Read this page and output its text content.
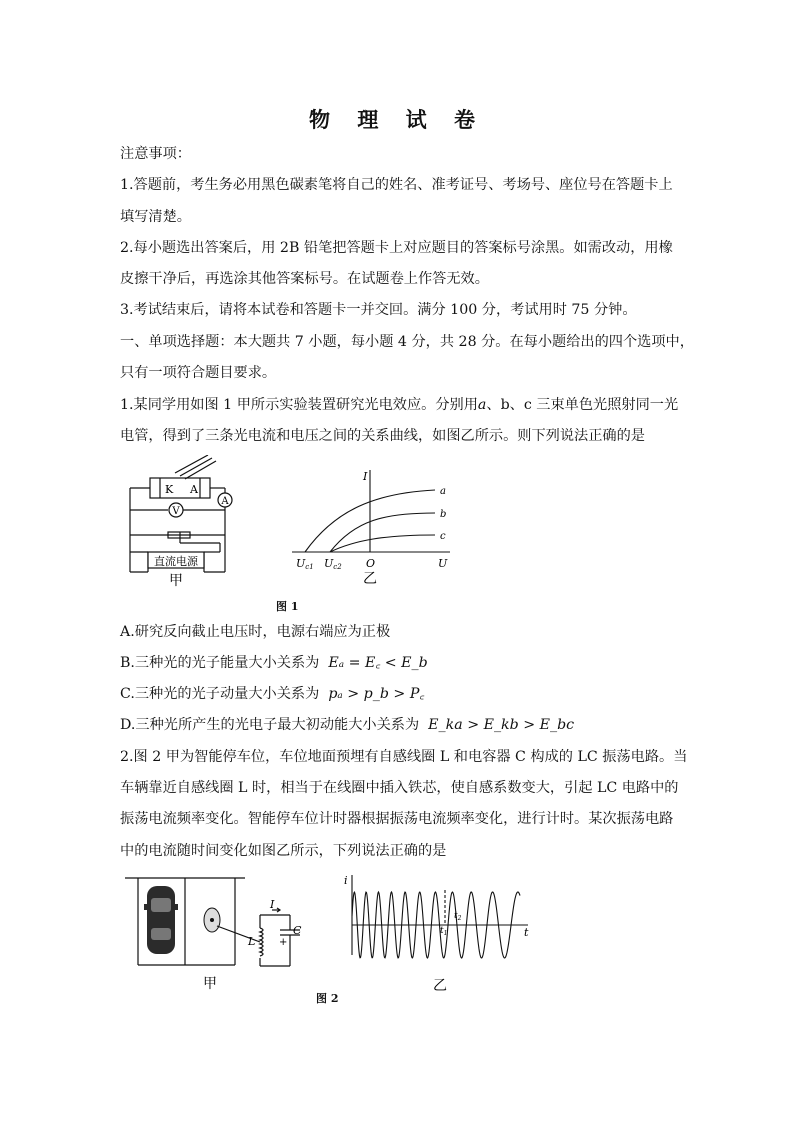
物 理 试 卷
注意事项：
1.答题前，考生务必用黑色碳素笔将自己的姓名、准考证号、考场号、座位号在答题卡上
填写清楚。
2.每小题选出答案后，用 2B 铅笔把答题卡上对应题目的答案标号涂黑。如需改动，用橡
皮擦干净后，再选涂其他答案标号。在试题卷上作答无效。
3.考试结束后，请将本试卷和答题卡一并交回。满分 100 分，考试用时 75 分钟。
一、单项选择题：本大题共 7 小题，每小题 4 分，共 28 分。在每小题给出的四个选项中，
只有一项符合题目要求。
1.某同学用如图 1 甲所示实验装置研究光电效应。分别用a、b、c 三束单色光照射同一光
电管，得到了三条光电流和电压之间的关系曲线，如图乙所示。则下列说法正确的是
直流电源
A
V
K A
甲
I
U
O
Uc1 Uc2
a
b
c
乙
图 1
A.研究反向截止电压时，电源右端应为正极
B.三种光的光子能量大小关系为 Eₐ = E꜀ < E_b
C.三种光的光子动量大小关系为 pₐ > p_b > P꜀
D.三种光所产生的光电子最大初动能大小关系为 E_ka > E_kb > E_bc
2.图 2 甲为智能停车位，车位地面预埋有自感线圈 L 和电容器 C 构成的 LC 振荡电路。当
车辆靠近自感线圈 L 时，相当于在线圈中插入铁芯，使自感系数变大，引起 LC 电路中的
振荡电流频率变化。智能停车位计时器根据振荡电流频率变化，进行计时。某次振荡电路
中的电流随时间变化如图乙所示，下列说法正确的是
I
L
C
+
甲
i
t
$t_1$
$t_2$
乙
图 2
